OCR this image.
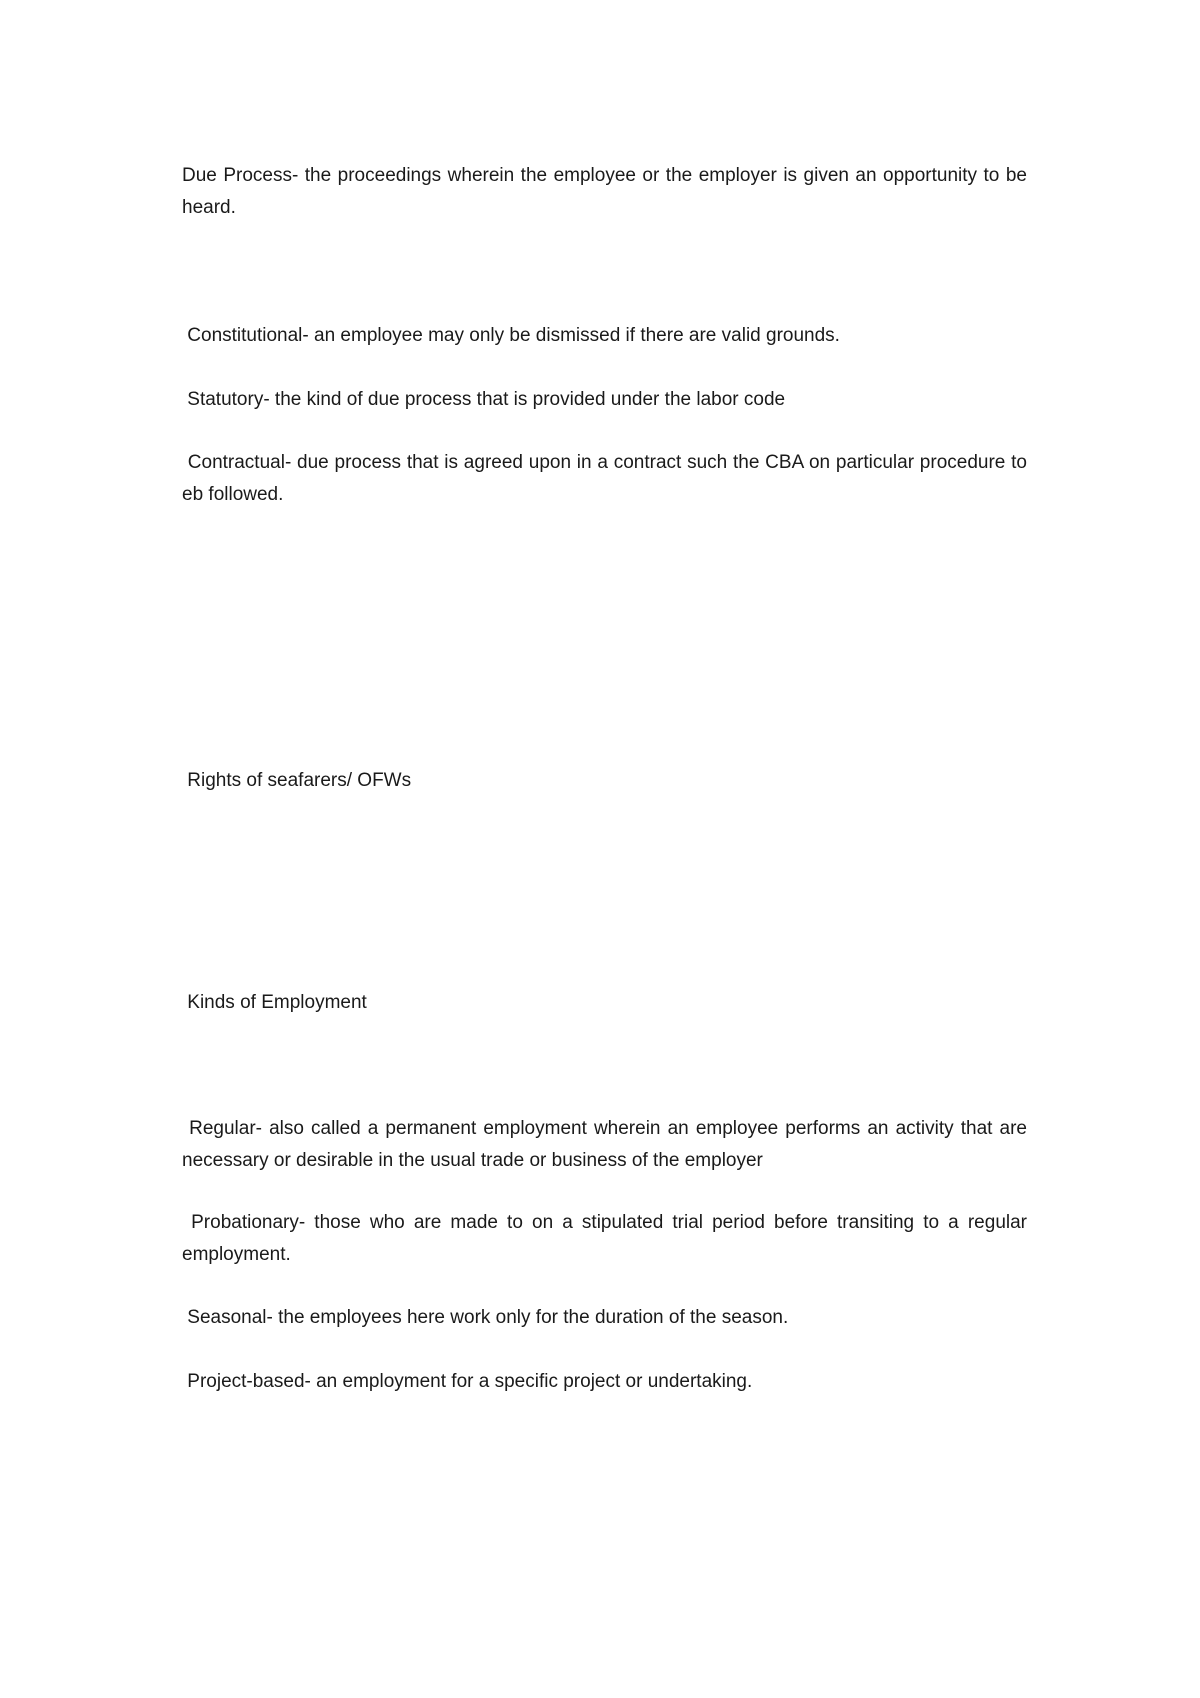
Due Process- the proceedings wherein the employee or the employer is given an opportunity to be heard.

Constitutional- an employee may only be dismissed if there are valid grounds.

Statutory- the kind of due process that is provided under the labor code

Contractual- due process that is agreed upon in a contract such the CBA on particular procedure to eb followed.

Rights of seafarers/ OFWs

Kinds of Employment

Regular- also called a permanent employment wherein an employee performs an activity that are necessary or desirable in the usual trade or business of the employer

Probationary- those who are made to on a stipulated trial period before transiting to a regular employment.

Seasonal- the employees here work only for the duration of the season.

Project-based- an employment for a specific project or undertaking.
